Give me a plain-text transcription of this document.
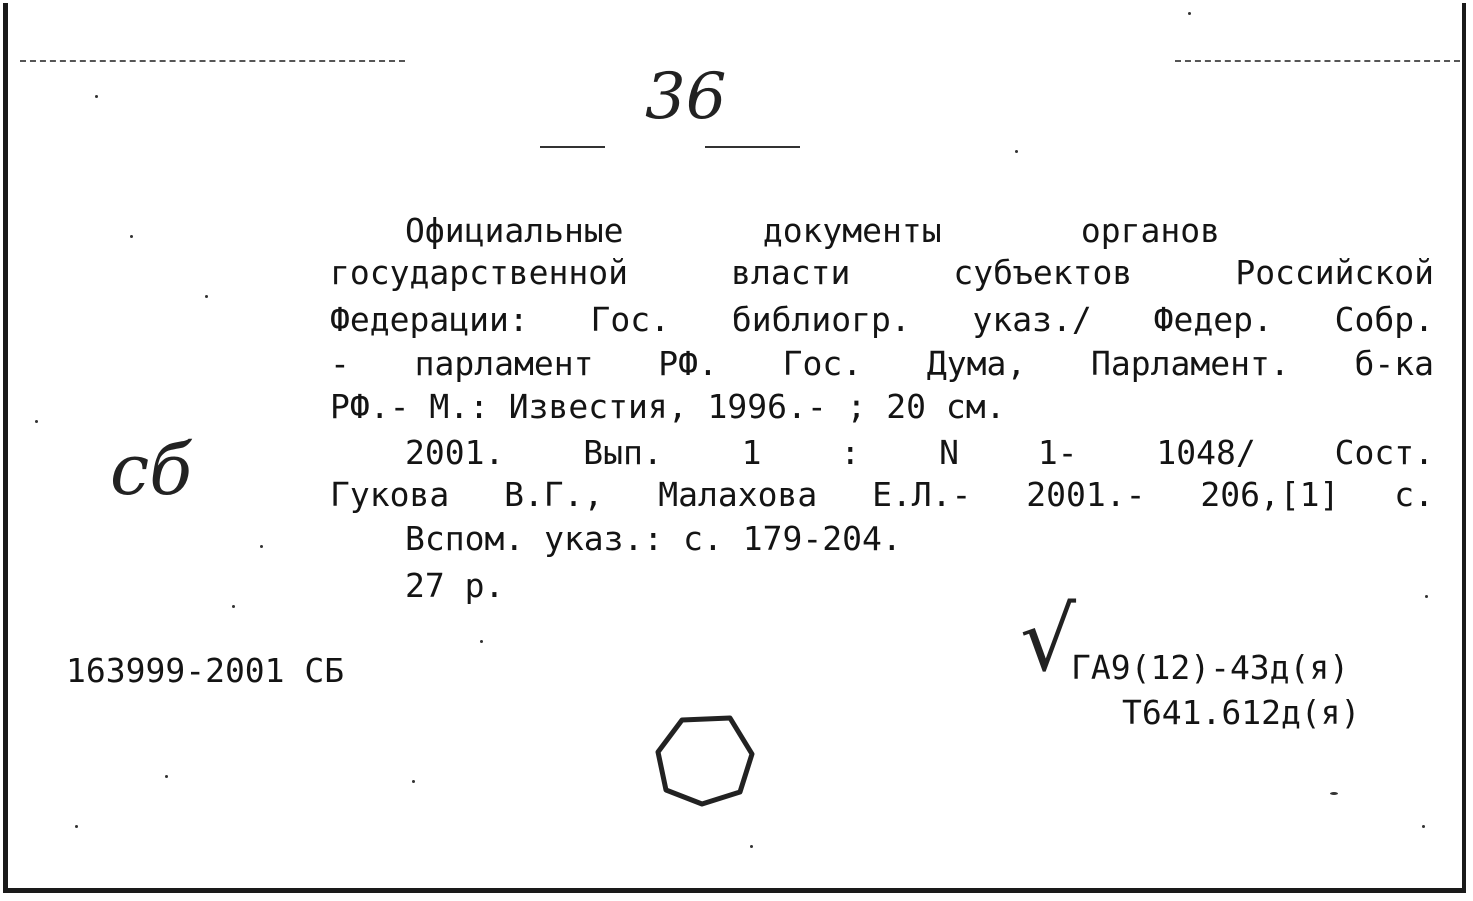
36
сб
Официальные документы органов
государственной власти субъектов Российской
Федерации: Гос. библиогр. указ./ Федер. Собр.
- парламент РФ. Гос. Дума, Парламент. б-ка
РФ.- М.: Известия, 1996.- ; 20 см.
2001. Вып. 1 : N 1- 1048/ Сост.
Гукова В.Г., Малахова Е.Л.- 2001.- 206,[1] с.
Вспом. указ.: с. 179-204.
27 р.
163999-2001 СБ	√
ГА9(12)-43д(я)
Т641.612д(я)
